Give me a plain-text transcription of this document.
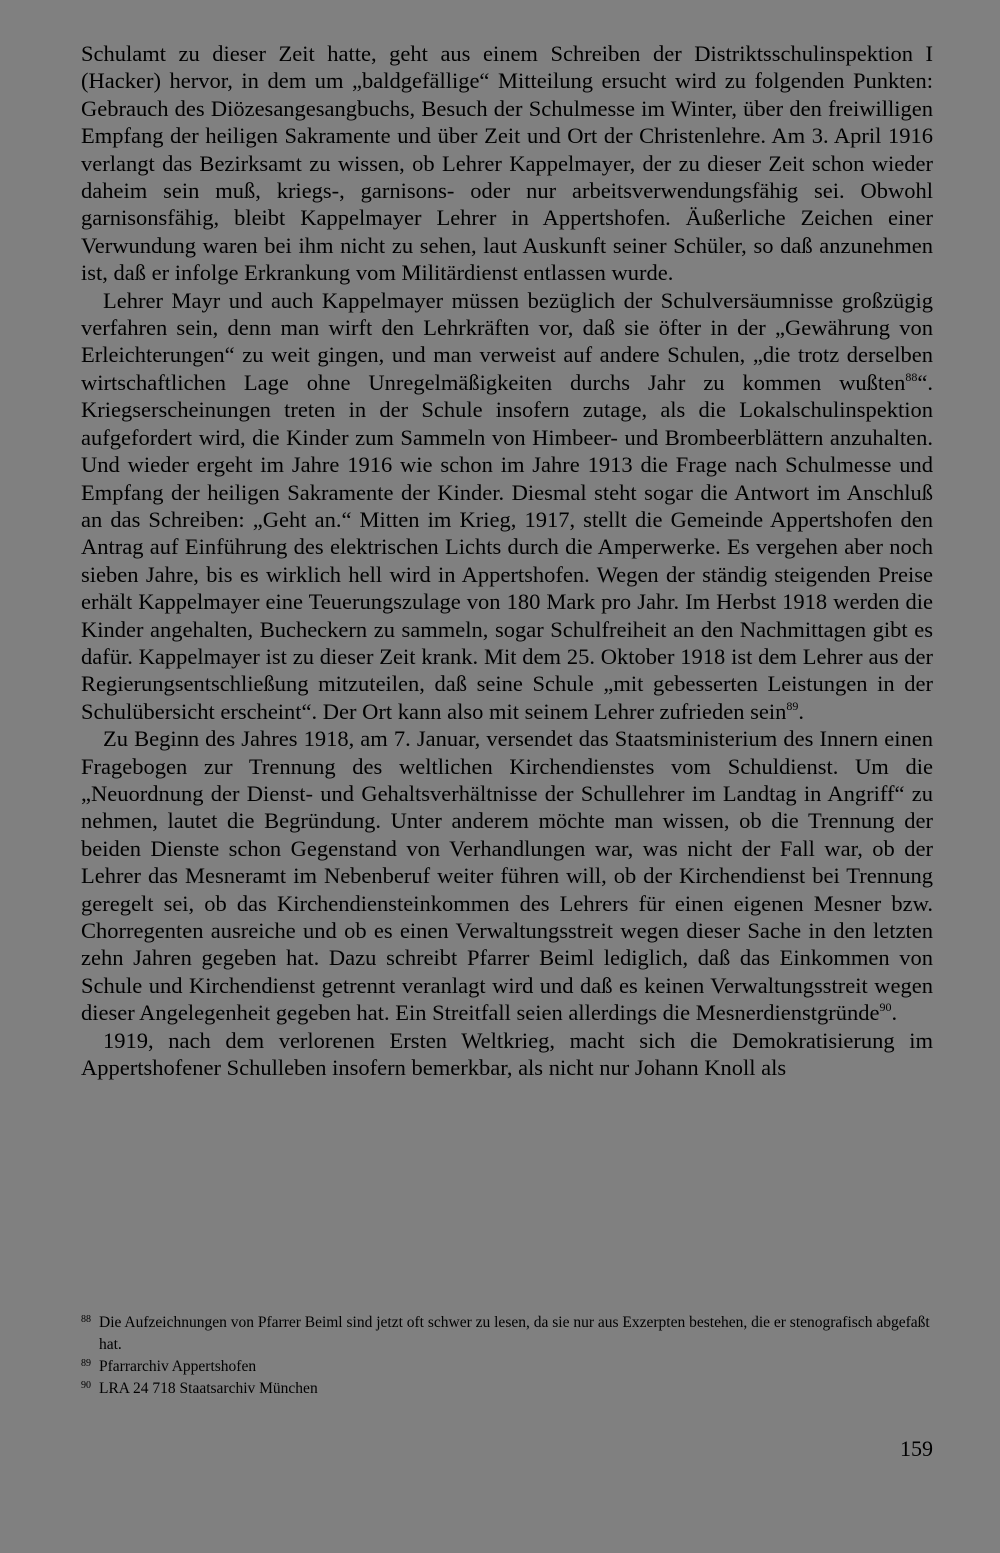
Schulamt zu dieser Zeit hatte, geht aus einem Schreiben der Distriktsschulinspektion I (Hacker) hervor, in dem um „baldgefällige“ Mitteilung ersucht wird zu folgenden Punkten: Gebrauch des Diözesangesangbuchs, Besuch der Schulmesse im Winter, über den freiwilligen Empfang der heiligen Sakramente und über Zeit und Ort der Christenlehre. Am 3. April 1916 verlangt das Bezirksamt zu wissen, ob Lehrer Kappelmayer, der zu dieser Zeit schon wieder daheim sein muß, kriegs-, garnisons- oder nur arbeitsverwendungsfähig sei. Obwohl garnisonsfähig, bleibt Kappelmayer Lehrer in Appertshofen. Äußerliche Zeichen einer Verwundung waren bei ihm nicht zu sehen, laut Auskunft seiner Schüler, so daß anzunehmen ist, daß er infolge Erkrankung vom Militärdienst entlassen wurde.

Lehrer Mayr und auch Kappelmayer müssen bezüglich der Schulversäumnisse großzügig verfahren sein, denn man wirft den Lehrkräften vor, daß sie öfter in der „Gewährung von Erleichterungen“ zu weit gingen, und man verweist auf andere Schulen, „die trotz derselben wirtschaftlichen Lage ohne Unregelmäßigkeiten durchs Jahr zu kommen wußten$^{88}$“. Kriegserscheinungen treten in der Schule insofern zutage, als die Lokalschulinspektion aufgefordert wird, die Kinder zum Sammeln von Himbeer- und Brombeerblättern anzuhalten. Und wieder ergeht im Jahre 1916 wie schon im Jahre 1913 die Frage nach Schulmesse und Empfang der heiligen Sakramente der Kinder. Diesmal steht sogar die Antwort im Anschluß an das Schreiben: „Geht an.“ Mitten im Krieg, 1917, stellt die Gemeinde Appertshofen den Antrag auf Einführung des elektrischen Lichts durch die Amperwerke. Es vergehen aber noch sieben Jahre, bis es wirklich hell wird in Appertshofen. Wegen der ständig steigenden Preise erhält Kappelmayer eine Teuerungszulage von 180 Mark pro Jahr. Im Herbst 1918 werden die Kinder angehalten, Bucheckern zu sammeln, sogar Schulfreiheit an den Nachmittagen gibt es dafür. Kappelmayer ist zu dieser Zeit krank. Mit dem 25. Oktober 1918 ist dem Lehrer aus der Regierungsentschließung mitzuteilen, daß seine Schule „mit gebesserten Leistungen in der Schulübersicht erscheint“. Der Ort kann also mit seinem Lehrer zufrieden sein$^{89}$.

Zu Beginn des Jahres 1918, am 7. Januar, versendet das Staatsministerium des Innern einen Fragebogen zur Trennung des weltlichen Kirchendienstes vom Schuldienst. Um die „Neuordnung der Dienst- und Gehaltsverhältnisse der Schullehrer im Landtag in Angriff“ zu nehmen, lautet die Begründung. Unter anderem möchte man wissen, ob die Trennung der beiden Dienste schon Gegenstand von Verhandlungen war, was nicht der Fall war, ob der Lehrer das Mesneramt im Nebenberuf weiter führen will, ob der Kirchendienst bei Trennung geregelt sei, ob das Kirchendiensteinkommen des Lehrers für einen eigenen Mesner bzw. Chorregenten ausreiche und ob es einen Verwaltungsstreit wegen dieser Sache in den letzten zehn Jahren gegeben hat. Dazu schreibt Pfarrer Beiml lediglich, daß das Einkommen von Schule und Kirchendienst getrennt veranlagt wird und daß es keinen Verwaltungsstreit wegen dieser Angelegenheit gegeben hat. Ein Streitfall seien allerdings die Mesnerdienstgründe$^{90}$.

1919, nach dem verlorenen Ersten Weltkrieg, macht sich die Demokratisierung im Appertshofener Schulleben insofern bemerkbar, als nicht nur Johann Knoll als

88 Die Aufzeichnungen von Pfarrer Beiml sind jetzt oft schwer zu lesen, da sie nur aus Exzerpten bestehen, die er stenografisch abgefaßt hat.

89 Pfarrarchiv Appertshofen

90 LRA 24 718 Staatsarchiv München

159
